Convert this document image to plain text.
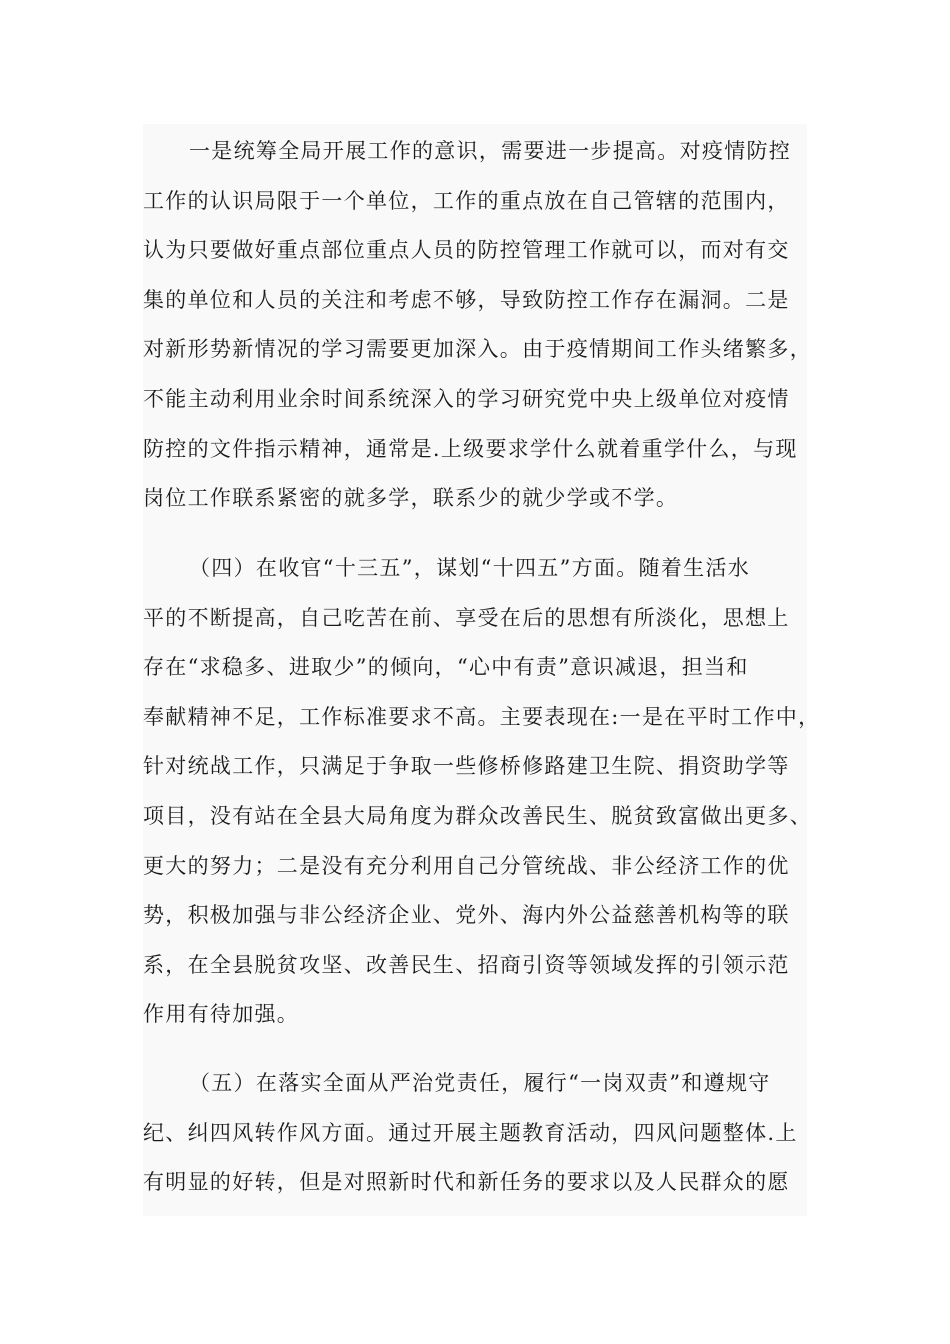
一是统筹全局开展工作的意识，需要进一步提高。对疫情防控
工作的认识局限于一个单位，工作的重点放在自己管辖的范围内，
认为只要做好重点部位重点人员的防控管理工作就可以，而对有交
集的单位和人员的关注和考虑不够，导致防控工作存在漏洞。二是
对新形势新情况的学习需要更加深入。由于疫情期间工作头绪繁多，
不能主动利用业余时间系统深入的学习研究党中央上级单位对疫情
防控的文件指示精神，通常是.上级要求学什么就着重学什么，与现
岗位工作联系紧密的就多学，联系少的就少学或不学。

（四）在收官“十三五”，谋划“十四五”方面。随着生活水
平的不断提高，自己吃苦在前、享受在后的思想有所淡化，思想上
存在“求稳多、进取少”的倾向，“心中有责”意识减退，担当和
奉献精神不足，工作标准要求不高。主要表现在:一是在平时工作中，
针对统战工作，只满足于争取一些修桥修路建卫生院、捐资助学等
项目，没有站在全县大局角度为群众改善民生、脱贫致富做出更多、
更大的努力；二是没有充分利用自己分管统战、非公经济工作的优
势，积极加强与非公经济企业、党外、海内外公益慈善机构等的联
系，在全县脱贫攻坚、改善民生、招商引资等领域发挥的引领示范
作用有待加强。

（五）在落实全面从严治党责任，履行“一岗双责”和遵规守
纪、纠四风转作风方面。通过开展主题教育活动，四风问题整体.上
有明显的好转，但是对照新时代和新任务的要求以及人民群众的愿
